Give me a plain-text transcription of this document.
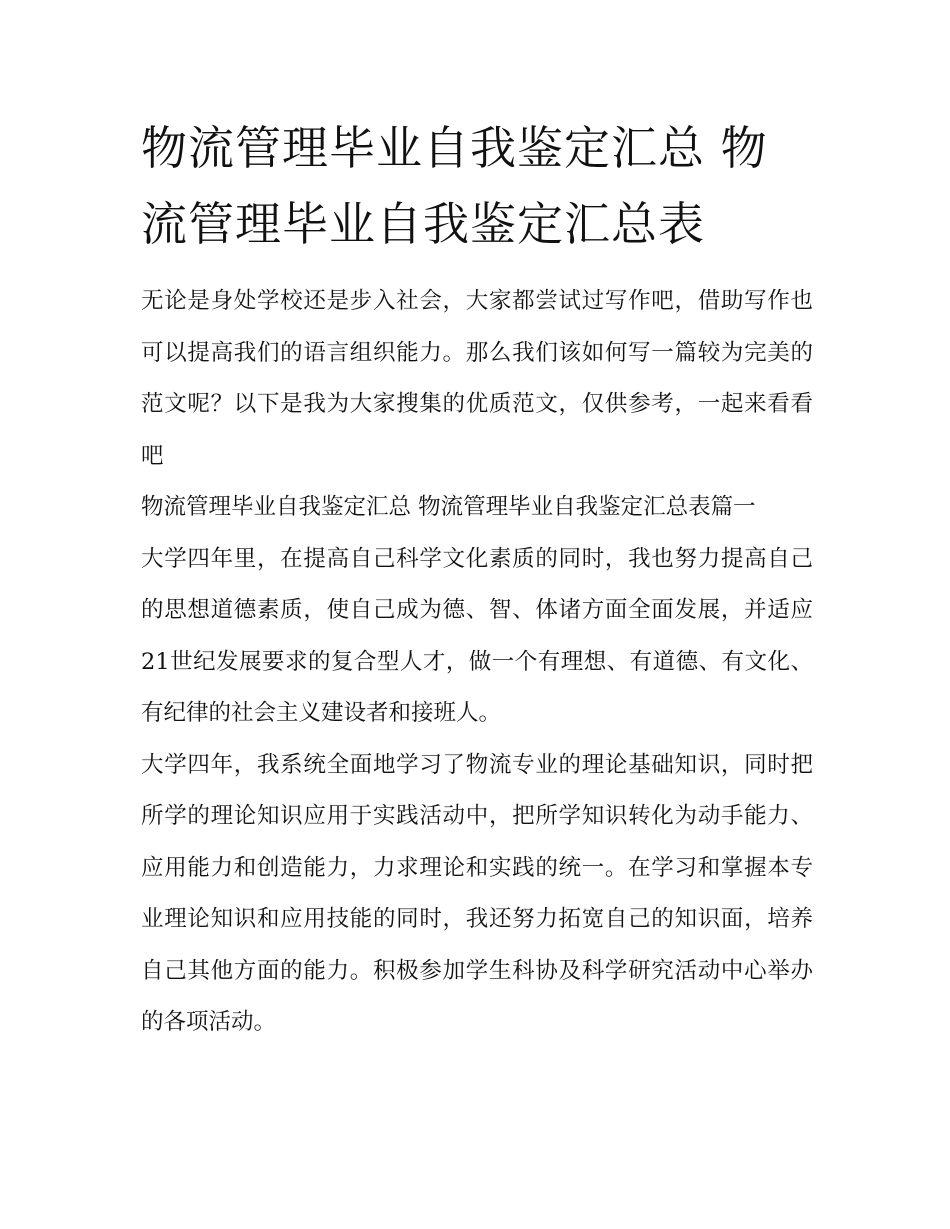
物流管理毕业自我鉴定汇总 物流管理毕业自我鉴定汇总表

无论是身处学校还是步入社会，大家都尝试过写作吧，借助写作也可以提高我们的语言组织能力。那么我们该如何写一篇较为完美的范文呢？以下是我为大家搜集的优质范文，仅供参考，一起来看看吧

物流管理毕业自我鉴定汇总 物流管理毕业自我鉴定汇总表篇一

大学四年里，在提高自己科学文化素质的同时，我也努力提高自己的思想道德素质，使自己成为德、智、体诸方面全面发展，并适应21世纪发展要求的复合型人才，做一个有理想、有道德、有文化、有纪律的社会主义建设者和接班人。

大学四年，我系统全面地学习了物流专业的理论基础知识，同时把所学的理论知识应用于实践活动中，把所学知识转化为动手能力、应用能力和创造能力，力求理论和实践的统一。在学习和掌握本专业理论知识和应用技能的同时，我还努力拓宽自己的知识面，培养自己其他方面的能力。积极参加学生科协及科学研究活动中心举办的各项活动。
